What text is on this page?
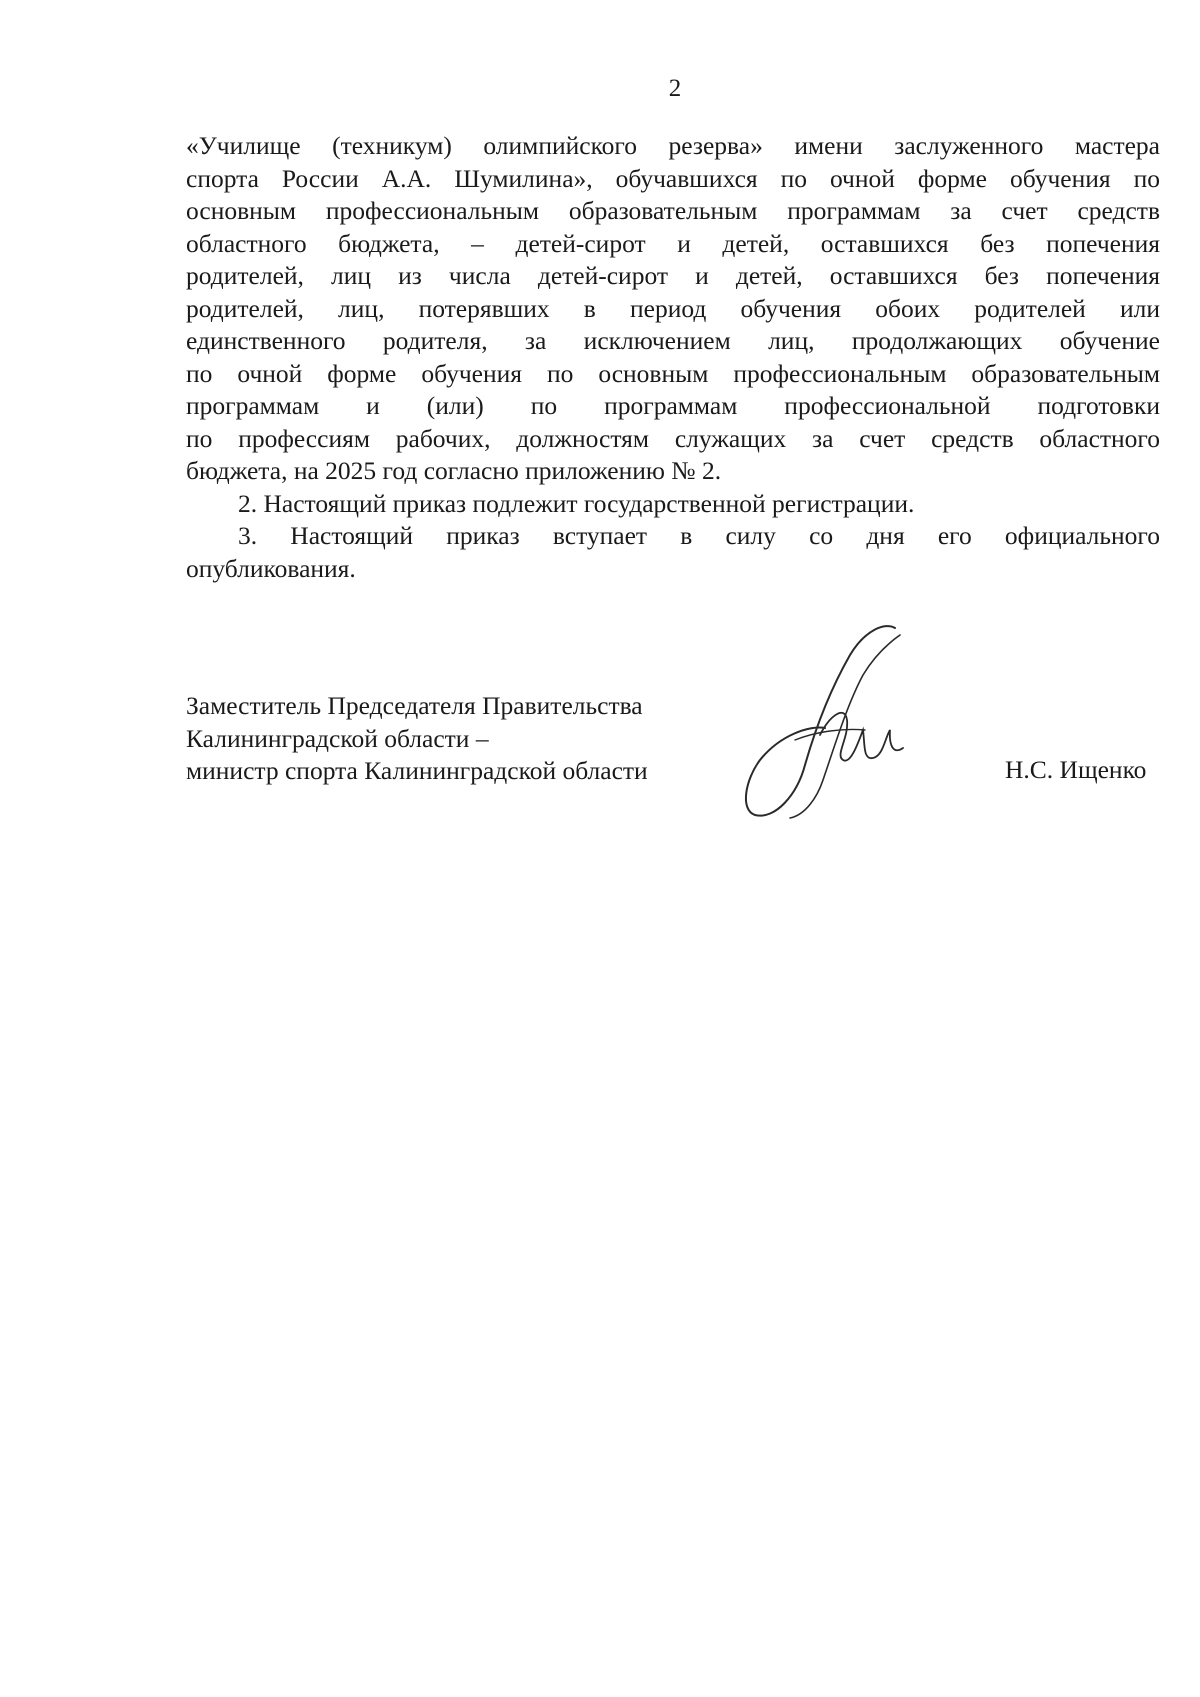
2

«Училище (техникум) олимпийского резерва» имени заслуженного мастера
спорта России А.А. Шумилина», обучавшихся по очной форме обучения по
основным профессиональным образовательным программам за счет средств
областного бюджета, – детей-сирот и детей, оставшихся без попечения
родителей, лиц из числа детей-сирот и детей, оставшихся без попечения
родителей, лиц, потерявших в период обучения обоих родителей или
единственного родителя, за исключением лиц, продолжающих обучение
по очной форме обучения по основным профессиональным образовательным
программам и (или) по программам профессиональной подготовки
по профессиям рабочих, должностям служащих за счет средств областного
бюджета, на 2025 год согласно приложению № 2.
2. Настоящий приказ подлежит государственной регистрации.
3. Настоящий приказ вступает в силу со дня его официального
опубликования.
Заместитель Председателя Правительства
Калининградской области –
министр спорта Калининградской области	Н.С. Ищенко
